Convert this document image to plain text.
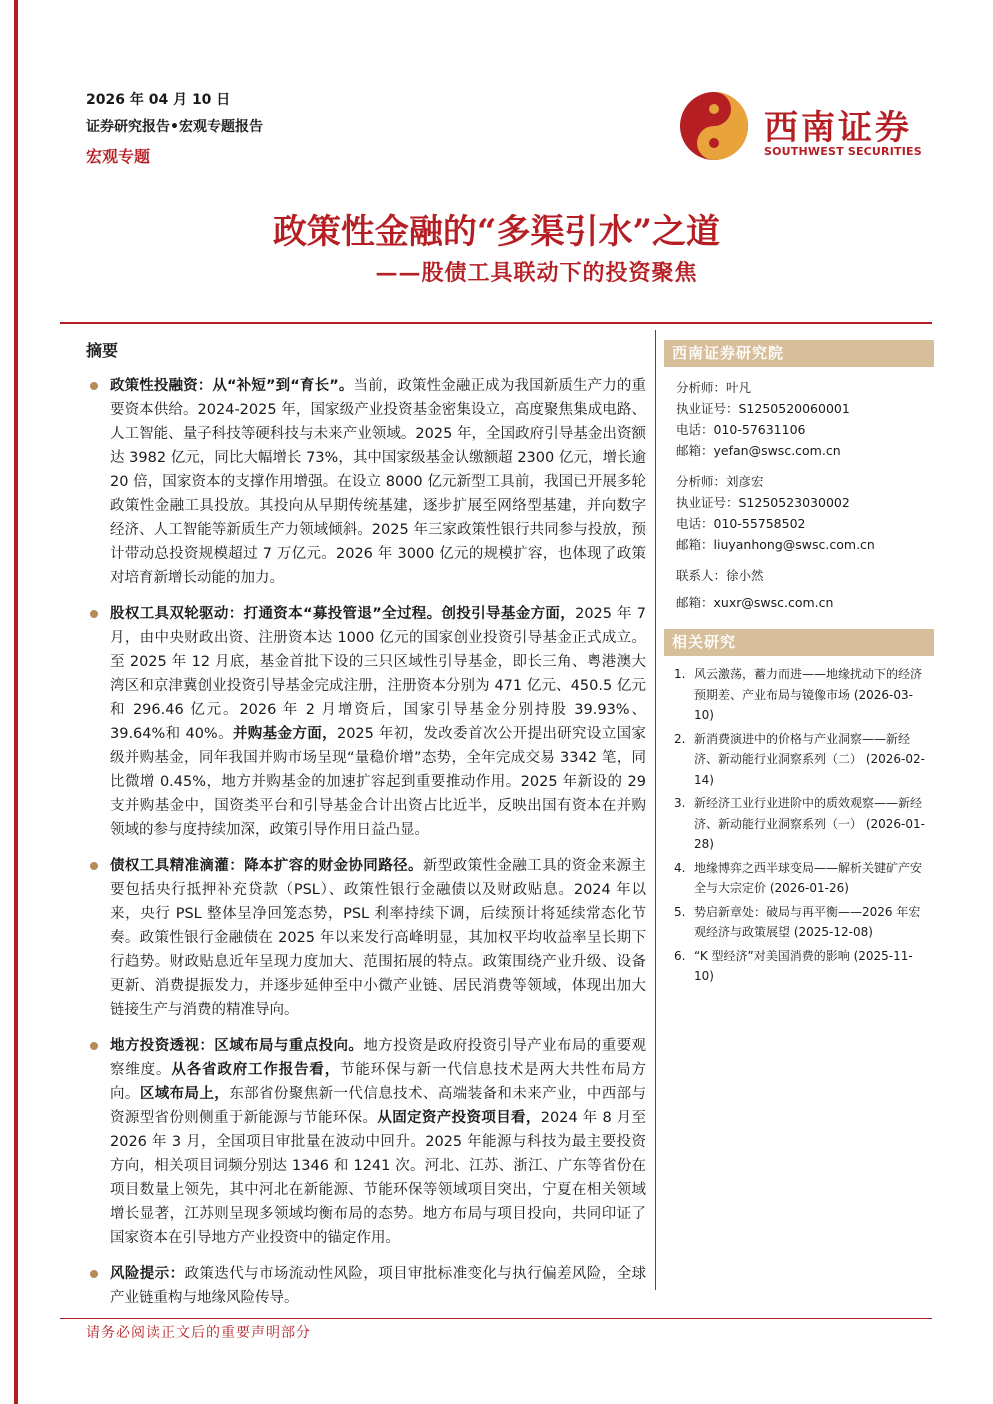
2026 年 04 月 10 日
证券研究报告•宏观专题报告
宏观专题
西南证券
SOUTHWEST SECURITIES
政策性金融的“多渠引水”之道
——股债工具联动下的投资聚焦
摘要
政策性投融资：从“补短”到“育长”。当前，政策性金融正成为我国新质生产力的重要资本供给。2024-2025 年，国家级产业投资基金密集设立，高度聚焦集成电路、人工智能、量子科技等硬科技与未来产业领域。2025 年，全国政府引导基金出资额达 3982 亿元，同比大幅增长 73%，其中国家级基金认缴额超 2300 亿元，增长逾 20 倍，国家资本的支撑作用增强。在设立 8000 亿元新型工具前，我国已开展多轮政策性金融工具投放。其投向从早期传统基建，逐步扩展至网络型基建，并向数字经济、人工智能等新质生产力领域倾斜。2025 年三家政策性银行共同参与投放，预计带动总投资规模超过 7 万亿元。2026 年 3000 亿元的规模扩容，也体现了政策对培育新增长动能的加力。
股权工具双轮驱动：打通资本“募投管退”全过程。创投引导基金方面，2025 年 7 月，由中央财政出资、注册资本达 1000 亿元的国家创业投资引导基金正式成立。至 2025 年 12 月底，基金首批下设的三只区域性引导基金，即长三角、粤港澳大湾区和京津冀创业投资引导基金完成注册，注册资本分别为 471 亿元、450.5 亿元和 296.46 亿元。2026 年 2 月增资后，国家引导基金分别持股 39.93%、39.64%和 40%。并购基金方面，2025 年初，发改委首次公开提出研究设立国家级并购基金，同年我国并购市场呈现“量稳价增”态势，全年完成交易 3342 笔，同比微增 0.45%，地方并购基金的加速扩容起到重要推动作用。2025 年新设的 29 支并购基金中，国资类平台和引导基金合计出资占比近半，反映出国有资本在并购领域的参与度持续加深，政策引导作用日益凸显。
债权工具精准滴灌：降本扩容的财金协同路径。新型政策性金融工具的资金来源主要包括央行抵押补充贷款（PSL）、政策性银行金融债以及财政贴息。2024 年以来，央行 PSL 整体呈净回笼态势，PSL 利率持续下调，后续预计将延续常态化节奏。政策性银行金融债在 2025 年以来发行高峰明显，其加权平均收益率呈长期下行趋势。财政贴息近年呈现力度加大、范围拓展的特点。政策围绕产业升级、设备更新、消费提振发力，并逐步延伸至中小微产业链、居民消费等领域，体现出加大链接生产与消费的精准导向。
地方投资透视：区域布局与重点投向。地方投资是政府投资引导产业布局的重要观察维度。从各省政府工作报告看，节能环保与新一代信息技术是两大共性布局方向。区域布局上，东部省份聚焦新一代信息技术、高端装备和未来产业，中西部与资源型省份则侧重于新能源与节能环保。从固定资产投资项目看，2024 年 8 月至 2026 年 3 月，全国项目审批量在波动中回升。2025 年能源与科技为最主要投资方向，相关项目词频分别达 1346 和 1241 次。河北、江苏、浙江、广东等省份在项目数量上领先，其中河北在新能源、节能环保等领域项目突出，宁夏在相关领域增长显著，江苏则呈现多领域均衡布局的态势。地方布局与项目投向，共同印证了国家资本在引导地方产业投资中的锚定作用。
风险提示：政策迭代与市场流动性风险，项目审批标准变化与执行偏差风险，全球产业链重构与地缘风险传导。
西南证券研究院
分析师：叶凡
执业证号：S1250520060001
电话：010-57631106
邮箱：yefan@swsc.com.cn
分析师：刘彦宏
执业证号：S1250523030002
电话：010-55758502
邮箱：liuyanhong@swsc.com.cn
联系人：徐小然
邮箱：xuxr@swsc.com.cn
相关研究
1. 风云激荡，蓄力而进——地缘扰动下的经济预期差、产业布局与镜像市场 (2026-03-10)
2. 新消费演进中的价格与产业洞察——新经济、新动能行业洞察系列（二） (2026-02-14)
3. 新经济工业行业进阶中的质效观察——新经济、新动能行业洞察系列（一） (2026-01-28)
4. 地缘博弈之西半球变局——解析关键矿产安全与大宗定价 (2026-01-26)
5. 势启新章处：破局与再平衡——2026 年宏观经济与政策展望 (2025-12-08)
6. “K 型经济”对美国消费的影响 (2025-11-10)
请务必阅读正文后的重要声明部分
